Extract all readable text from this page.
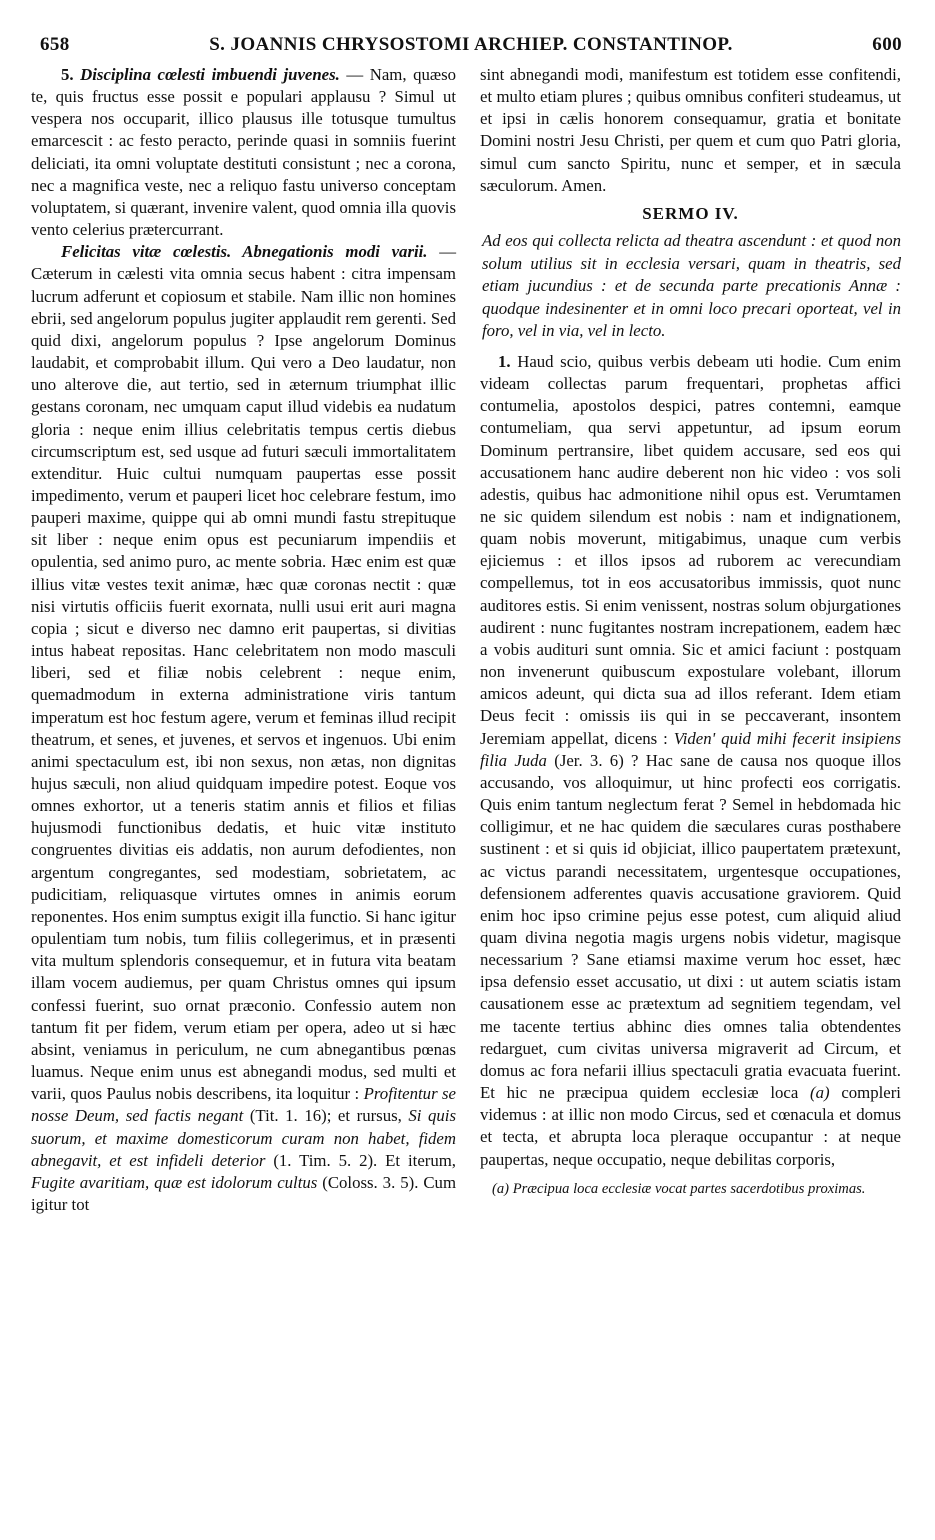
658	S. JOANNIS CHRYSOSTOMI ARCHIEP. CONSTANTINOP.	600

5. Disciplina cœlesti imbuendi juvenes. — Nam, quæso te, quis fructus esse possit e populari applausu ? Simul ut vespera nos occuparit, illico plausus ille totusque tumultus emarcescit : ac festo peracto, perinde quasi in somniis fuerint deliciati, ita omni voluptate destituti consistunt ; nec a corona, nec a magnifica veste, nec a reliquo fastu universo conceptam voluptatem, si quærant, invenire valent, quod omnia illa quovis vento celerius prætercurrant.

Felicitas vitæ cœlestis. Abnegationis modi varii. — Cæterum in cælesti vita omnia secus habent : citra impensam lucrum adferunt et copiosum et stabile. Nam illic non homines ebrii, sed angelorum populus jugiter applaudit rem gerenti. Sed quid dixi, angelorum populus ? Ipse angelorum Dominus laudabit, et comprobabit illum. Qui vero a Deo laudatur, non uno alterove die, aut tertio, sed in æternum triumphat illic gestans coronam, nec umquam caput illud videbis ea nudatum gloria : neque enim illius celebritatis tempus certis diebus circumscriptum est, sed usque ad futuri sæculi immortalitatem extenditur. Huic cultui numquam paupertas esse possit impedimento, verum et pauperi licet hoc celebrare festum, imo pauperi maxime, quippe qui ab omni mundi fastu strepituque sit liber : neque enim opus est pecuniarum impendiis et opulentia, sed animo puro, ac mente sobria. Hæc enim est quæ illius vitæ vestes texit animæ, hæc quæ coronas nectit : quæ nisi virtutis officiis fuerit exornata, nulli usui erit auri magna copia ; sicut e diverso nec damno erit paupertas, si divitias intus habeat repositas. Hanc celebritatem non modo masculi liberi, sed et filiæ nobis celebrent : neque enim, quemadmodum in externa administratione viris tantum imperatum est hoc festum agere, verum et feminas illud recipit theatrum, et senes, et juvenes, et servos et ingenuos. Ubi enim animi spectaculum est, ibi non sexus, non ætas, non dignitas hujus sæculi, non aliud quidquam impedire potest. Eoque vos omnes exhortor, ut a teneris statim annis et filios et filias hujusmodi functionibus dedatis, et huic vitæ instituto congruentes divitias eis addatis, non aurum defodientes, non argentum congregantes, sed modestiam, sobrietatem, ac pudicitiam, reliquasque virtutes omnes in animis eorum reponentes. Hos enim sumptus exigit illa functio. Si hanc igitur opulentiam tum nobis, tum filiis collegerimus, et in præsenti vita multum splendoris consequemur, et in futura vita beatam illam vocem audiemus, per quam Christus omnes qui ipsum confessi fuerint, suo ornat præconio. Confessio autem non tantum fit per fidem, verum etiam per opera, adeo ut si hæc absint, veniamus in periculum, ne cum abnegantibus pœnas luamus. Neque enim unus est abnegandi modus, sed multi et varii, quos Paulus nobis describens, ita loquitur : Profitentur se nosse Deum, sed factis negant (Tit. 1. 16); et rursus, Si quis suorum, et maxime domesticorum curam non habet, fidem abnegavit, et est infideli deterior (1. Tim. 5. 2). Et iterum, Fugite avaritiam, quæ est idolorum cultus (Coloss. 3. 5). Cum igitur tot

sint abnegandi modi, manifestum est totidem esse confitendi, et multo etiam plures ; quibus omnibus confiteri studeamus, ut et ipsi in cælis honorem consequamur, gratia et bonitate Domini nostri Jesu Christi, per quem et cum quo Patri gloria, simul cum sancto Spiritu, nunc et semper, et in sæcula sæculorum. Amen.

SERMO IV.

Ad eos qui collecta relicta ad theatra ascendunt : et quod non solum utilius sit in ecclesia versari, quam in theatris, sed etiam jucundius : et de secunda parte precationis Annæ : quodque indesinenter et in omni loco precari oporteat, vel in foro, vel in via, vel in lecto.

1. Haud scio, quibus verbis debeam uti hodie. Cum enim videam collectas parum frequentari, prophetas affici contumelia, apostolos despici, patres contemni, eamque contumeliam, qua servi appetuntur, ad ipsum eorum Dominum pertransire, libet quidem accusare, sed eos qui accusationem hanc audire deberent non hic video : vos soli adestis, quibus hac admonitione nihil opus est. Verumtamen ne sic quidem silendum est nobis : nam et indignationem, quam nobis moverunt, mitigabimus, unaque cum verbis ejiciemus : et illos ipsos ad ruborem ac verecundiam compellemus, tot in eos accusatoribus immissis, quot nunc auditores estis. Si enim venissent, nostras solum objurgationes audirent : nunc fugitantes nostram increpationem, eadem hæc a vobis audituri sunt omnia. Sic et amici faciunt : postquam non invenerunt quibuscum expostulare volebant, illorum amicos adeunt, qui dicta sua ad illos referant. Idem etiam Deus fecit : omissis iis qui in se peccaverant, insontem Jeremiam appellat, dicens : Viden' quid mihi fecerit insipiens filia Juda (Jer. 3. 6) ? Hac sane de causa nos quoque illos accusando, vos alloquimur, ut hinc profecti eos corrigatis. Quis enim tantum neglectum ferat ? Semel in hebdomada hic colligimur, et ne hac quidem die sæculares curas posthabere sustinent : et si quis id objiciat, illico paupertatem prætexunt, ac victus parandi necessitatem, urgentesque occupationes, defensionem adferentes quavis accusatione graviorem. Quid enim hoc ipso crimine pejus esse potest, cum aliquid aliud quam divina negotia magis urgens nobis videtur, magisque necessarium ? Sane etiamsi maxime verum hoc esset, hæc ipsa defensio esset accusatio, ut dixi : ut autem sciatis istam causationem esse ac prætextum ad segnitiem tegendam, vel me tacente tertius abhinc dies omnes talia obtendentes redarguet, cum civitas universa migraverit ad Circum, et domus ac fora nefarii illius spectaculi gratia evacuata fuerint. Et hic ne præcipua quidem ecclesiæ loca (a) compleri videmus : at illic non modo Circus, sed et cœnacula et domus et tecta, et abrupta loca pleraque occupantur : at neque paupertas, neque occupatio, neque debilitas corporis,

(a) Præcipua loca ecclesiæ vocat partes sacerdotibus proximas.
